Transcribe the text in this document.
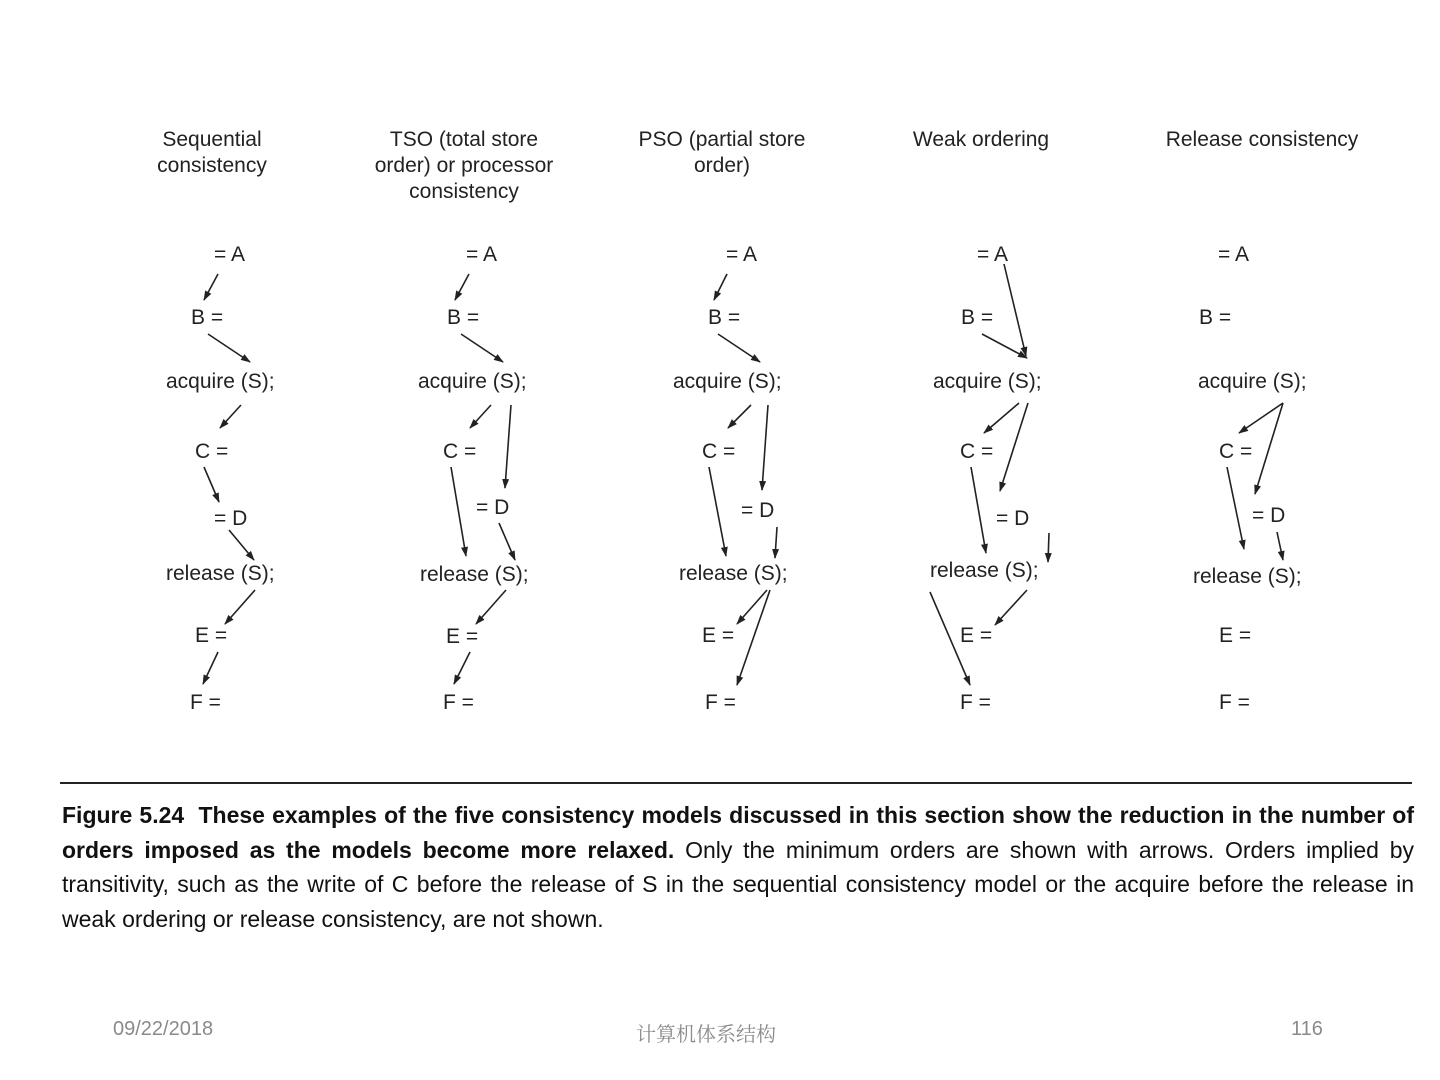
Sequential consistency
TSO (total store order) or processor consistency
PSO (partial store order)
Weak ordering	Release consistency
= A
B =
acquire (S);
C =
= D
release (S);
E =
F =
= A
B =
acquire (S);
C =
= D
release (S);
E =
F =
= A
B =
acquire (S);
C =
= D
release (S);
E =
F =
= A
B =
acquire (S);
C =
= D
release (S);
E =
F =
= A
B =
acquire (S);
C =
= D
release (S);
E =
F =
Figure 5.24 These examples of the five consistency models discussed in this section show the reduction in the number of orders imposed as the models become more relaxed. Only the minimum orders are shown with arrows. Orders implied by transitivity, such as the write of C before the release of S in the sequential consistency model or the acquire before the release in weak ordering or release consistency, are not shown.
09/22/2018	计算机体系结构	116
